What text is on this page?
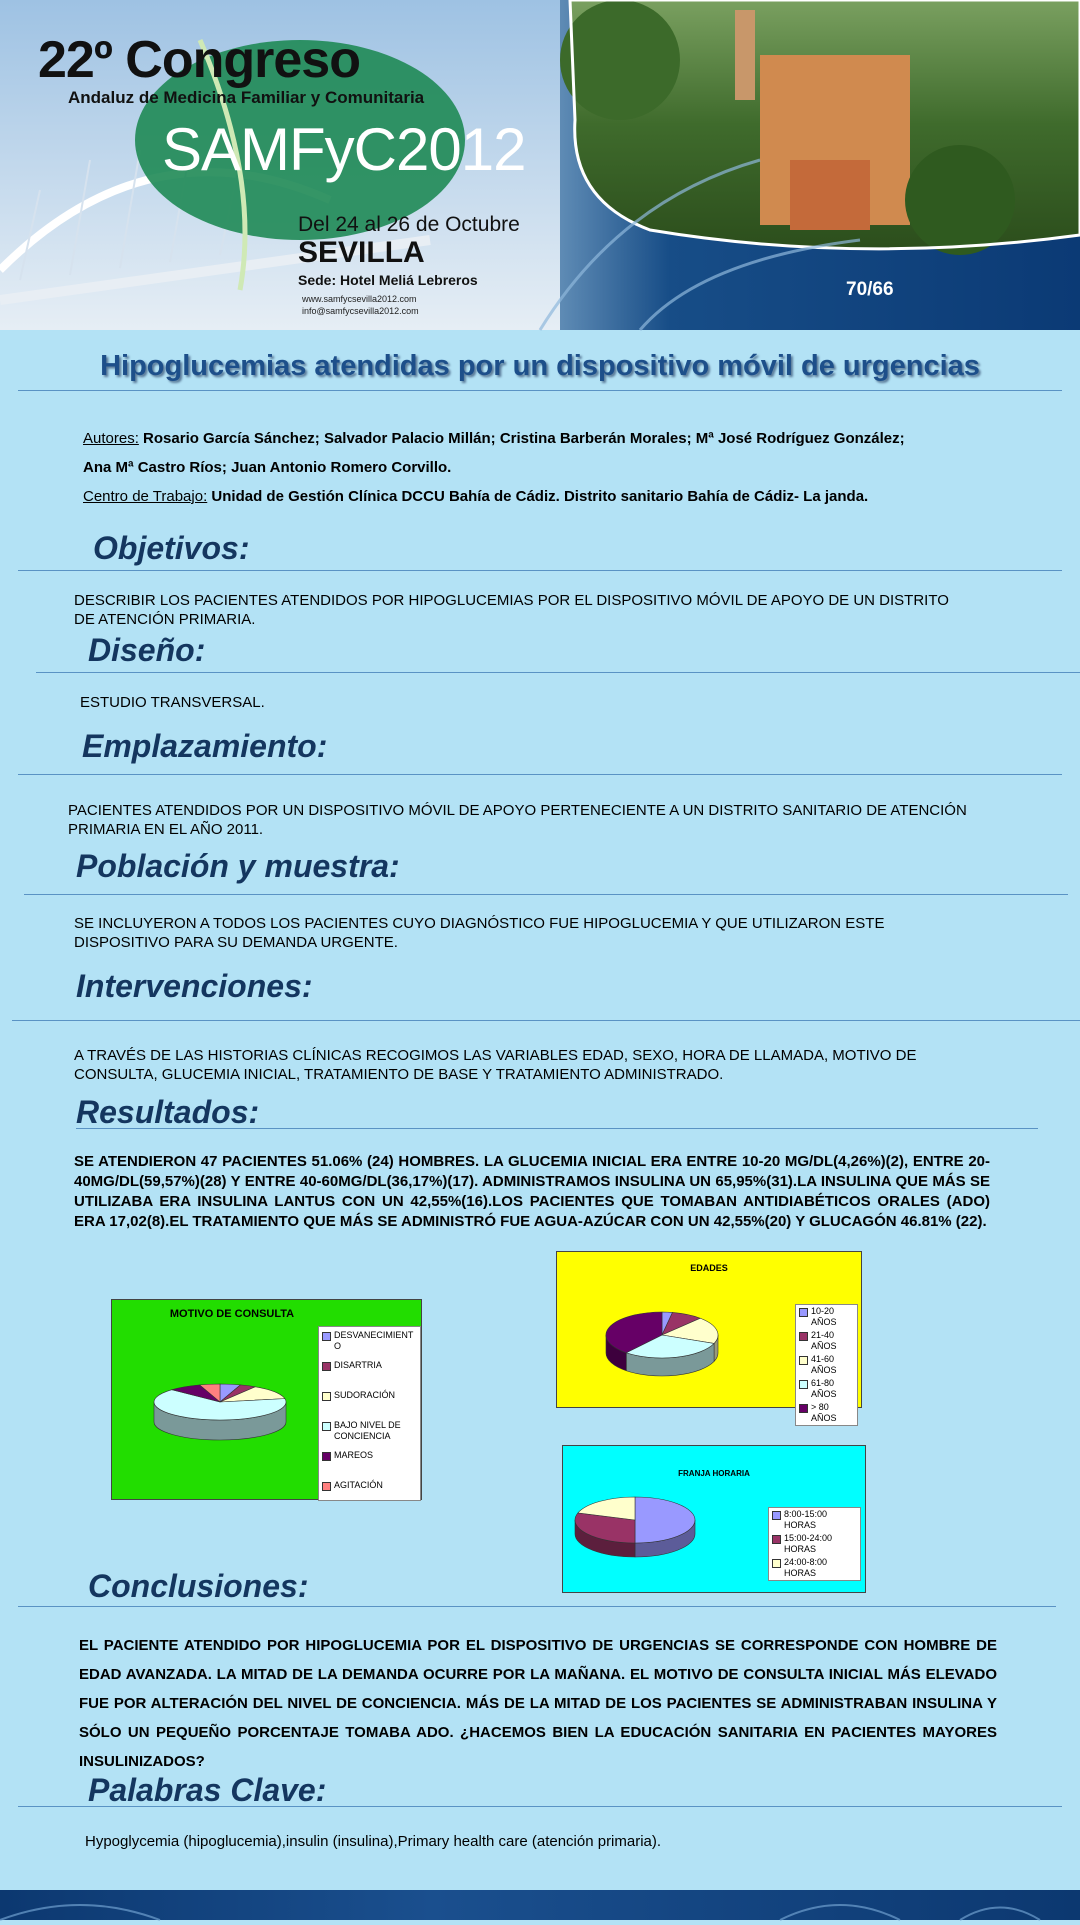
22º Congreso
Andaluz de Medicina Familiar y Comunitaria
SAMFyC2012
Del 24 al 26 de Octubre
SEVILLA
Sede: Hotel Meliá Lebreros
www.samfycsevilla2012.com
info@samfycsevilla2012.com
70/66
Hipoglucemias atendidas por un dispositivo móvil de urgencias
Autores: Rosario García Sánchez; Salvador Palacio Millán; Cristina Barberán Morales; Mª José Rodríguez González;
Ana Mª Castro Ríos; Juan Antonio Romero Corvillo.
Centro de Trabajo: Unidad de Gestión Clínica DCCU Bahía de Cádiz. Distrito sanitario Bahía de Cádiz- La janda.
Objetivos:
DESCRIBIR LOS PACIENTES ATENDIDOS POR HIPOGLUCEMIAS POR EL DISPOSITIVO MÓVIL DE APOYO DE UN DISTRITO DE ATENCIÓN PRIMARIA.
Diseño:
ESTUDIO TRANSVERSAL.
Emplazamiento:
PACIENTES ATENDIDOS POR UN DISPOSITIVO MÓVIL DE APOYO PERTENECIENTE A UN DISTRITO SANITARIO DE ATENCIÓN PRIMARIA EN EL AÑO 2011.
Población y muestra:
SE INCLUYERON A TODOS LOS PACIENTES CUYO DIAGNÓSTICO FUE HIPOGLUCEMIA Y QUE UTILIZARON ESTE DISPOSITIVO PARA SU DEMANDA URGENTE.
Intervenciones:
A TRAVÉS DE LAS HISTORIAS CLÍNICAS RECOGIMOS LAS VARIABLES EDAD, SEXO, HORA DE LLAMADA, MOTIVO DE CONSULTA, GLUCEMIA INICIAL, TRATAMIENTO DE BASE Y TRATAMIENTO ADMINISTRADO.
Resultados:
SE ATENDIERON 47 PACIENTES 51.06% (24) HOMBRES. LA GLUCEMIA INICIAL ERA ENTRE 10-20 MG/DL(4,26%)(2), ENTRE 20-40MG/DL(59,57%)(28) Y ENTRE 40-60MG/DL(36,17%)(17). ADMINISTRAMOS INSULINA UN 65,95%(31).LA INSULINA QUE MÁS SE UTILIZABA ERA INSULINA LANTUS CON UN 42,55%(16).LOS PACIENTES QUE TOMABAN ANTIDIABÉTICOS ORALES (ADO) ERA 17,02(8).EL TRATAMIENTO QUE MÁS SE ADMINISTRÓ FUE AGUA-AZÚCAR CON UN 42,55%(20) Y GLUCAGÓN 46.81% (22).
MOTIVO DE CONSULTA
DESVANECIMIENT O
DISARTRIA
SUDORACIÓN
BAJO NIVEL DE CONCIENCIA
MAREOS
AGITACIÓN
EDADES
10-20 AÑOS
21-40 AÑOS
41-60 AÑOS
61-80 AÑOS
> 80 AÑOS
FRANJA HORARIA
8:00-15:00 HORAS
15:00-24:00 HORAS
24:00-8:00 HORAS
Conclusiones:
EL PACIENTE ATENDIDO POR HIPOGLUCEMIA POR EL DISPOSITIVO DE URGENCIAS SE CORRESPONDE CON HOMBRE DE EDAD AVANZADA. LA MITAD DE LA DEMANDA OCURRE POR LA MAÑANA. EL MOTIVO DE CONSULTA INICIAL MÁS ELEVADO FUE POR ALTERACIÓN DEL NIVEL DE CONCIENCIA. MÁS DE LA MITAD DE LOS PACIENTES SE ADMINISTRABAN INSULINA Y SÓLO UN PEQUEÑO PORCENTAJE TOMABA ADO. ¿HACEMOS BIEN LA EDUCACIÓN SANITARIA EN PACIENTES MAYORES INSULINIZADOS?
Palabras Clave:
Hypoglycemia (hipoglucemia),insulin (insulina),Primary health care (atención primaria).
